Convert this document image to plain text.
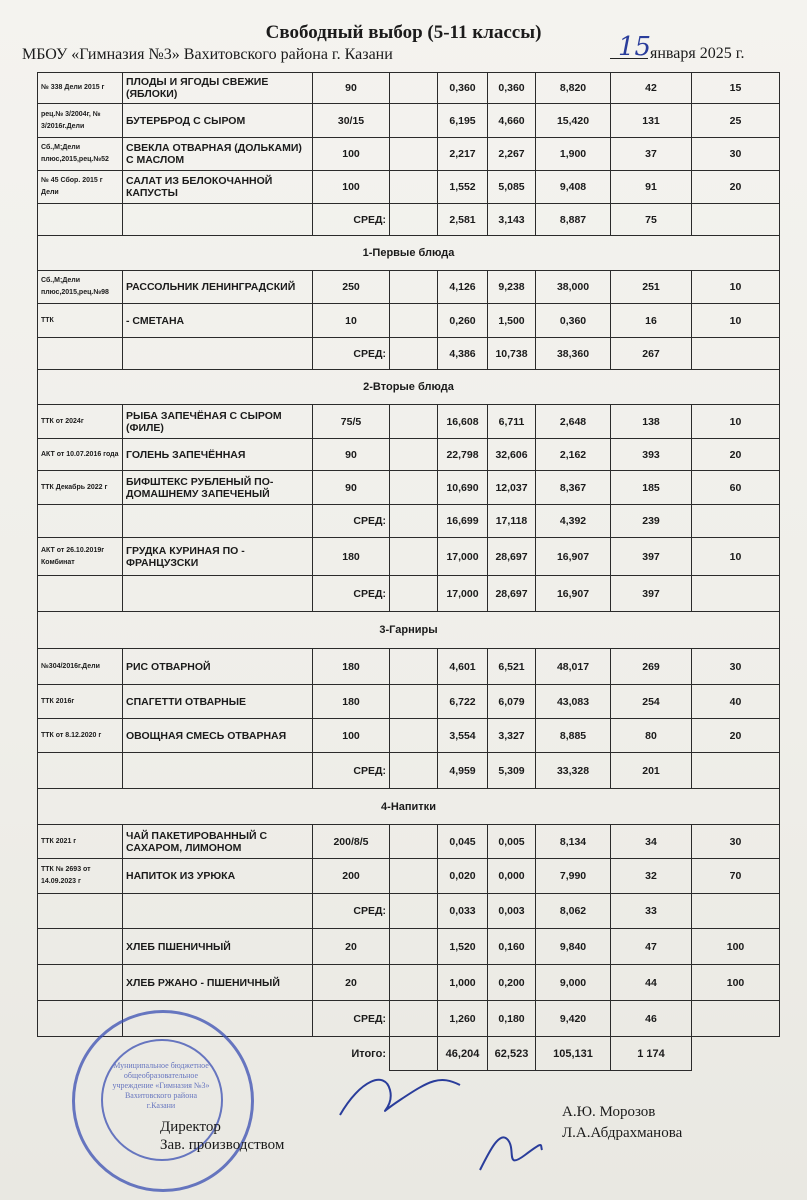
Свободный выбор (5-11 классы)
МБОУ «Гимназия №3» Вахитовского района г. Казани	15
января 2025 г.
№ 338 Дели 2015 г	ПЛОДЫ И ЯГОДЫ СВЕЖИЕ (ЯБЛОКИ)	90		0,360	0,360	8,820	42	15
рец.№ 3/2004г, № 3/2016г.Дели	БУТЕРБРОД С СЫРОМ	30/15		6,195	4,660	15,420	131	25
Сб.,М;Дели плюс,2015,рец.№52	СВЕКЛА ОТВАРНАЯ (ДОЛЬКАМИ) С МАСЛОМ	100		2,217	2,267	1,900	37	30
№ 45 Сбор. 2015 г Дели	САЛАТ ИЗ БЕЛОКОЧАННОЙ КАПУСТЫ	100		1,552	5,085	9,408	91	20
		СРЕД:		2,581	3,143	8,887	75	
1-Первые блюда								
Сб.,М;Дели плюс,2015,рец.№98	РАССОЛЬНИК ЛЕНИНГРАДСКИЙ	250		4,126	9,238	38,000	251	10
ТТК	- СМЕТАНА	10		0,260	1,500	0,360	16	10
		СРЕД:		4,386	10,738	38,360	267	
2-Вторые блюда								
ТТК от 2024г	РЫБА ЗАПЕЧЁНАЯ С СЫРОМ (ФИЛЕ)	75/5		16,608	6,711	2,648	138	10
АКТ от 10.07.2016 года	ГОЛЕНЬ ЗАПЕЧЁННАЯ	90		22,798	32,606	2,162	393	20
ТТК Декабрь 2022 г	БИФШТЕКС РУБЛЕНЫЙ ПО-ДОМАШНЕМУ ЗАПЕЧЕНЫЙ	90		10,690	12,037	8,367	185	60
		СРЕД:		16,699	17,118	4,392	239	
АКТ от 26.10.2019г Комбинат	ГРУДКА КУРИНАЯ ПО - ФРАНЦУЗСКИ	180		17,000	28,697	16,907	397	10
		СРЕД:		17,000	28,697	16,907	397	
3-Гарниры								
№304/2016г.Дели	РИС ОТВАРНОЙ	180		4,601	6,521	48,017	269	30
ТТК 2016г	СПАГЕТТИ ОТВАРНЫЕ	180		6,722	6,079	43,083	254	40
ТТК от 8.12.2020 г	ОВОЩНАЯ СМЕСЬ ОТВАРНАЯ	100		3,554	3,327	8,885	80	20
		СРЕД:		4,959	5,309	33,328	201	
4-Напитки								
ТТК 2021 г	ЧАЙ ПАКЕТИРОВАННЫЙ С САХАРОМ, ЛИМОНОМ	200/8/5		0,045	0,005	8,134	34	30
ТТК № 2693 от 14.09.2023 г	НАПИТОК ИЗ УРЮКА	200		0,020	0,000	7,990	32	70
		СРЕД:		0,033	0,003	8,062	33	
	ХЛЕБ ПШЕНИЧНЫЙ	20		1,520	0,160	9,840	47	100
	ХЛЕБ РЖАНО - ПШЕНИЧНЫЙ	20		1,000	0,200	9,000	44	100
		СРЕД:		1,260	0,180	9,420	46	
Итого:				46,204	62,523	105,131	1 174	
Муниципальное бюджетное общеобразовательное учреждение «Гимназия №3» Вахитовского района г.Казани
Директор
Зав. производством
А.Ю. Морозов
Л.А.Абдрахманова
